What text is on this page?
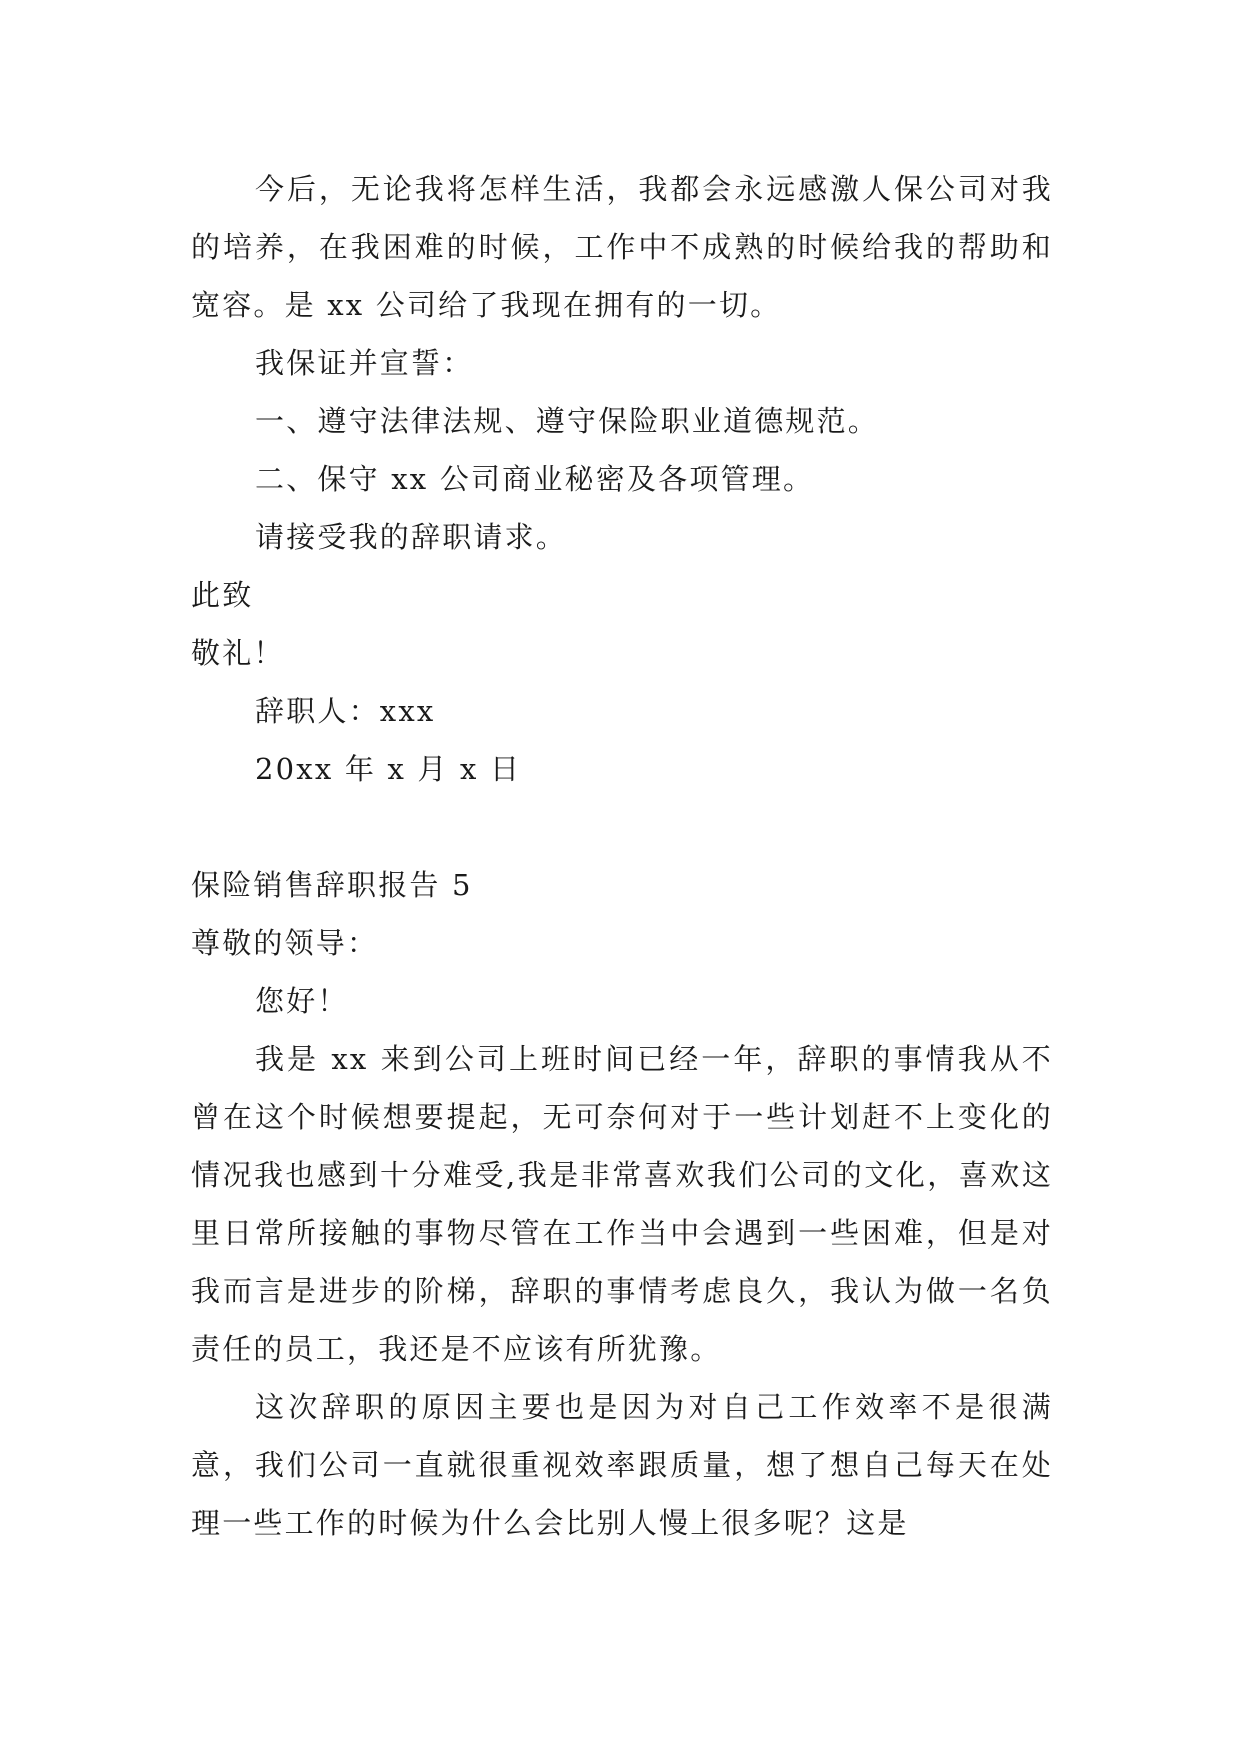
今后，无论我将怎样生活，我都会永远感激人保公司对我的培养，在我困难的时候，工作中不成熟的时候给我的帮助和宽容。是 xx 公司给了我现在拥有的一切。

我保证并宣誓：

一、遵守法律法规、遵守保险职业道德规范。

二、保守 xx 公司商业秘密及各项管理。

请接受我的辞职请求。

此致

敬礼！

辞职人：xxx

20xx 年 x 月 x 日

保险销售辞职报告 5

尊敬的领导：

您好！

我是 xx 来到公司上班时间已经一年，辞职的事情我从不曾在这个时候想要提起，无可奈何对于一些计划赶不上变化的情况我也感到十分难受,我是非常喜欢我们公司的文化，喜欢这里日常所接触的事物尽管在工作当中会遇到一些困难，但是对我而言是进步的阶梯，辞职的事情考虑良久，我认为做一名负责任的员工，我还是不应该有所犹豫。

这次辞职的原因主要也是因为对自己工作效率不是很满意，我们公司一直就很重视效率跟质量，想了想自己每天在处理一些工作的时候为什么会比别人慢上很多呢？这是
